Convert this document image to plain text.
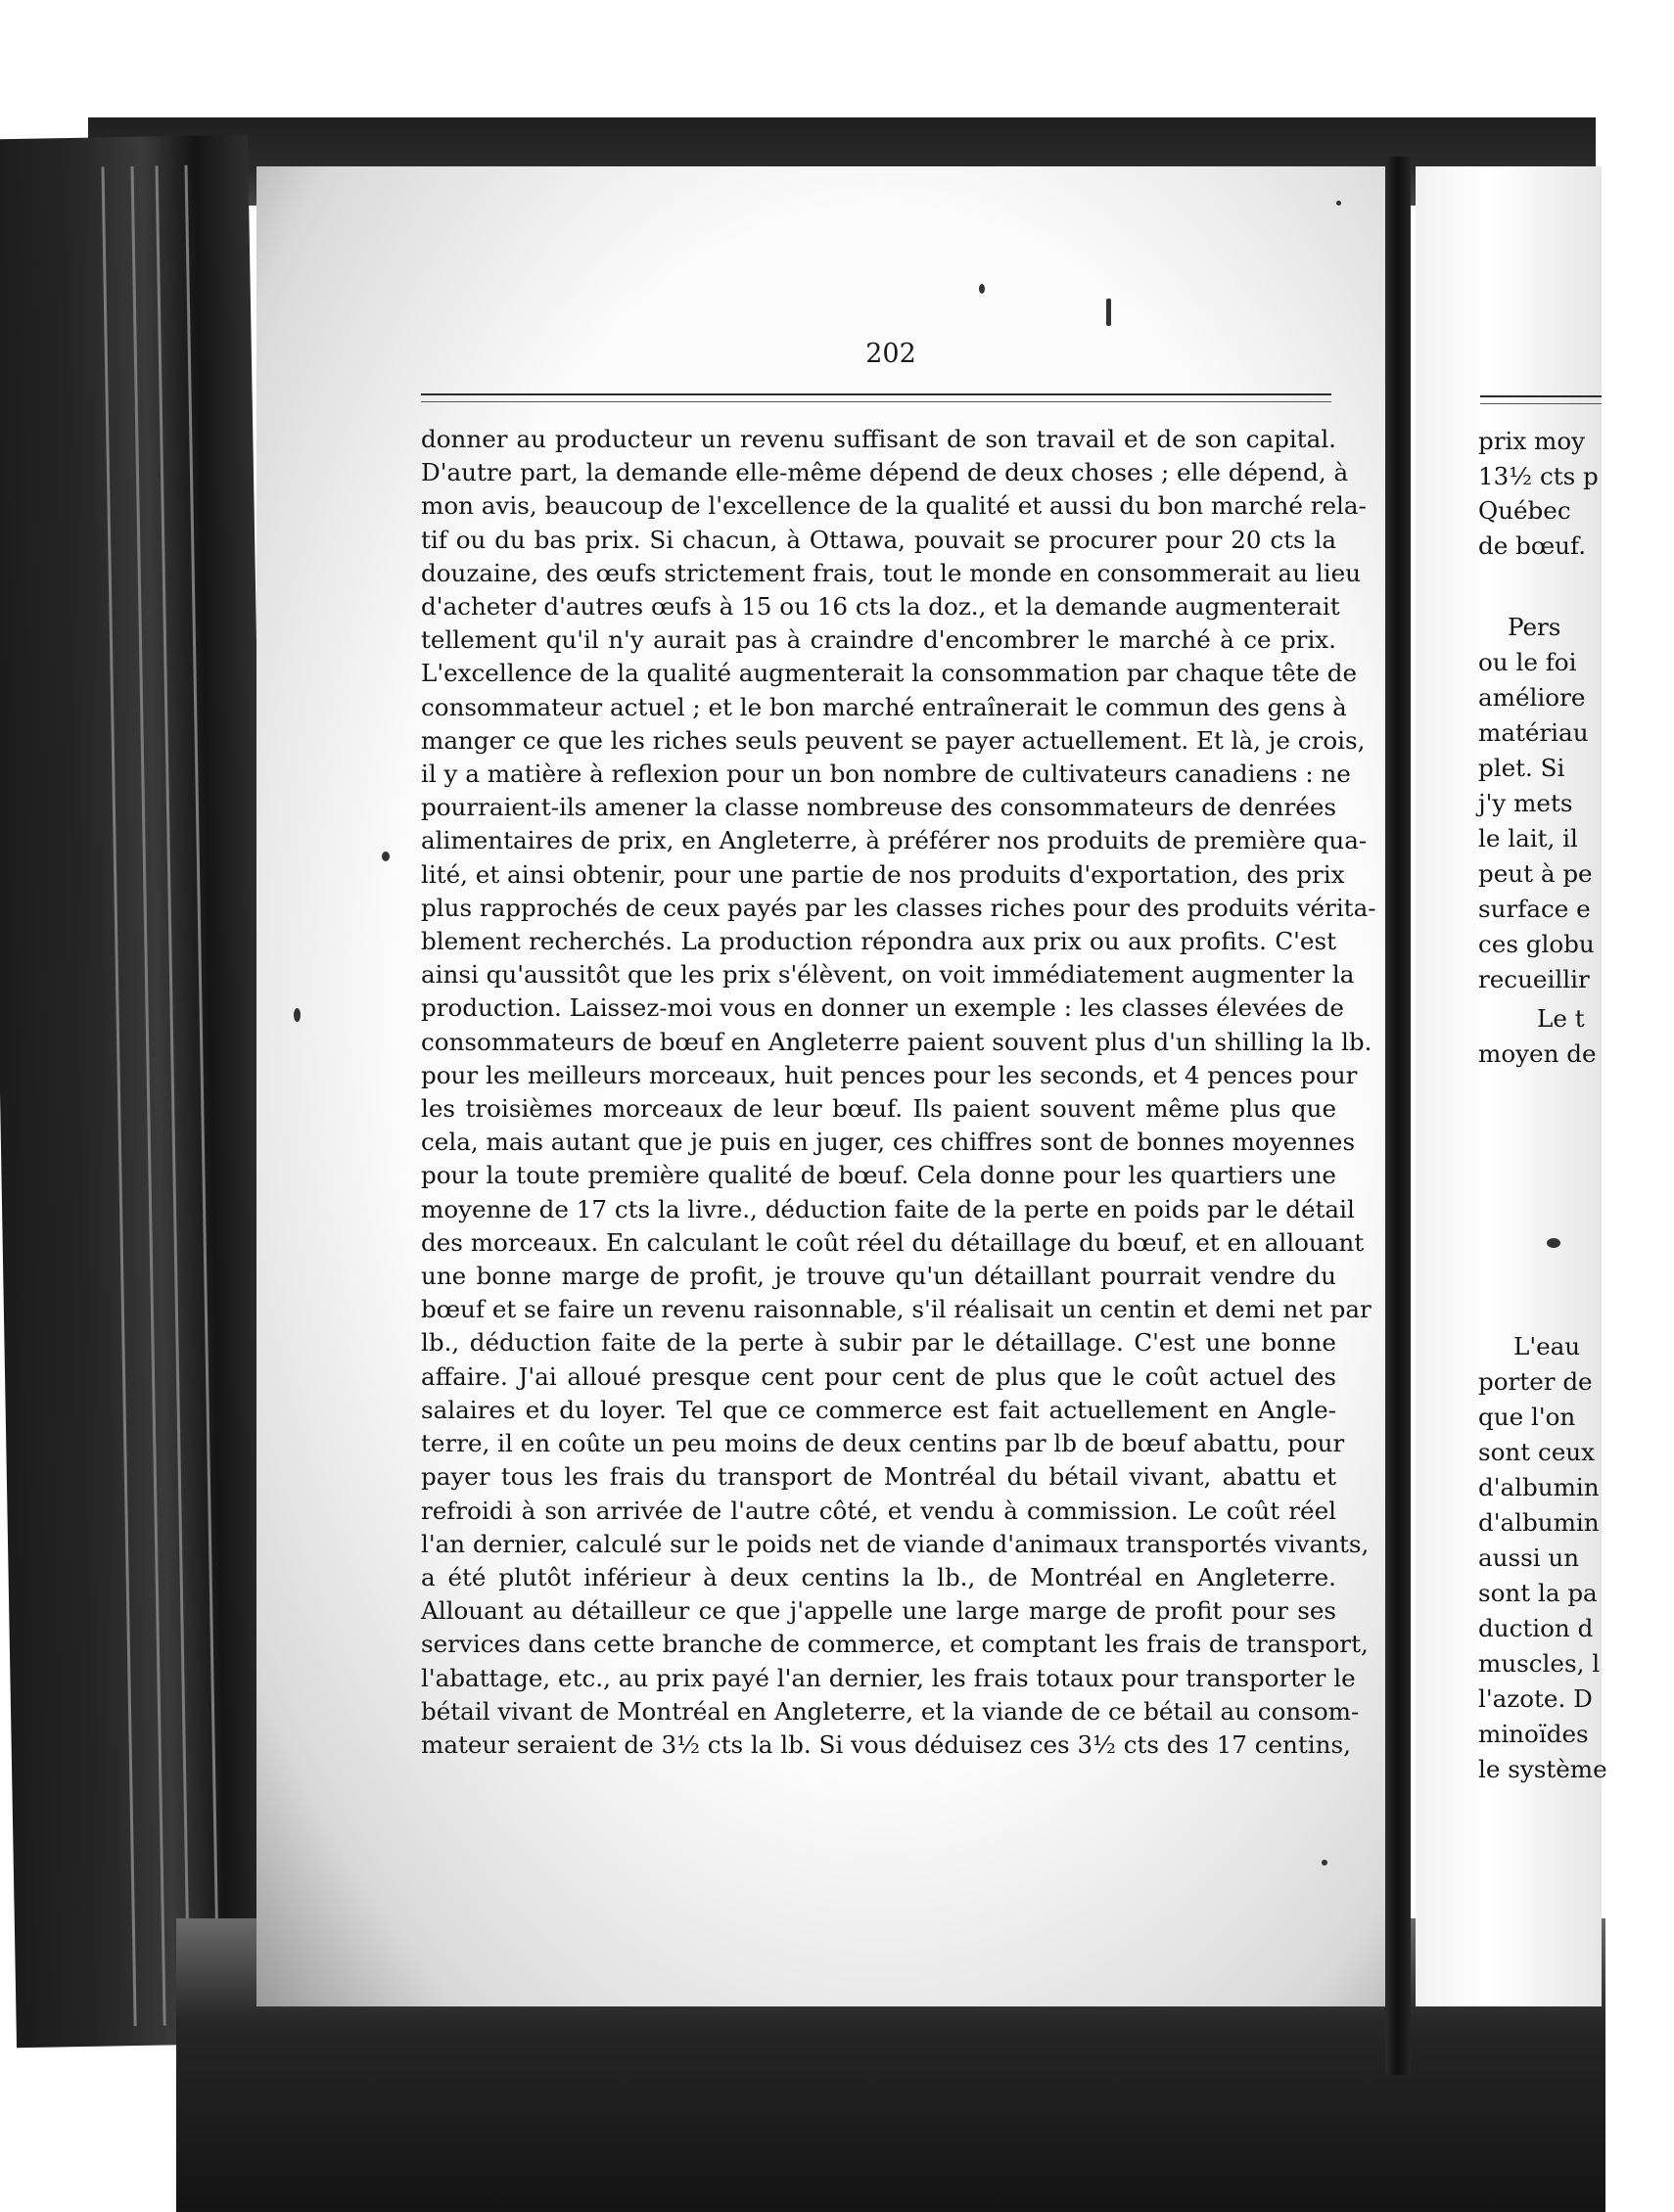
202
donner au producteur un revenu suffisant de son travail et de son capital.
D'autre part, la demande elle-même dépend de deux choses ; elle dépend, à
mon avis, beaucoup de l'excellence de la qualité et aussi du bon marché rela-
tif ou du bas prix. Si chacun, à Ottawa, pouvait se procurer pour 20 cts la
douzaine, des œufs strictement frais, tout le monde en consommerait au lieu
d'acheter d'autres œufs à 15 ou 16 cts la doz., et la demande augmenterait
tellement qu'il n'y aurait pas à craindre d'encombrer le marché à ce prix.
L'excellence de la qualité augmenterait la consommation par chaque tête de
consommateur actuel ; et le bon marché entraînerait le commun des gens à
manger ce que les riches seuls peuvent se payer actuellement. Et là, je crois,
il y a matière à reflexion pour un bon nombre de cultivateurs canadiens : ne
pourraient-ils amener la classe nombreuse des consommateurs de denrées
alimentaires de prix, en Angleterre, à préférer nos produits de première qua-
lité, et ainsi obtenir, pour une partie de nos produits d'exportation, des prix
plus rapprochés de ceux payés par les classes riches pour des produits vérita-
blement recherchés. La production répondra aux prix ou aux profits. C'est
ainsi qu'aussitôt que les prix s'élèvent, on voit immédiatement augmenter la
production. Laissez-moi vous en donner un exemple : les classes élevées de
consommateurs de bœuf en Angleterre paient souvent plus d'un shilling la lb.
pour les meilleurs morceaux, huit pences pour les seconds, et 4 pences pour
les troisièmes morceaux de leur bœuf. Ils paient souvent même plus que
cela, mais autant que je puis en juger, ces chiffres sont de bonnes moyennes
pour la toute première qualité de bœuf. Cela donne pour les quartiers une
moyenne de 17 cts la livre., déduction faite de la perte en poids par le détail
des morceaux. En calculant le coût réel du détaillage du bœuf, et en allouant
une bonne marge de profit, je trouve qu'un détaillant pourrait vendre du
bœuf et se faire un revenu raisonnable, s'il réalisait un centin et demi net par
lb., déduction faite de la perte à subir par le détaillage. C'est une bonne
affaire. J'ai alloué presque cent pour cent de plus que le coût actuel des
salaires et du loyer. Tel que ce commerce est fait actuellement en Angle-
terre, il en coûte un peu moins de deux centins par lb de bœuf abattu, pour
payer tous les frais du transport de Montréal du bétail vivant, abattu et
refroidi à son arrivée de l'autre côté, et vendu à commission. Le coût réel
l'an dernier, calculé sur le poids net de viande d'animaux transportés vivants,
a été plutôt inférieur à deux centins la lb., de Montréal en Angleterre.
Allouant au détailleur ce que j'appelle une large marge de profit pour ses
services dans cette branche de commerce, et comptant les frais de transport,
l'abattage, etc., au prix payé l'an dernier, les frais totaux pour transporter le
bétail vivant de Montréal en Angleterre, et la viande de ce bétail au consom-
mateur seraient de 3½ cts la lb. Si vous déduisez ces 3½ cts des 17 centins,
prix moy
13½ cts p
Québec
de bœuf.
Pers
ou le foi
améliore
matériau
plet. Si
j'y mets
le lait, il
peut à pe
surface e
ces globu
recueillir
Le t
moyen de
L'eau
porter de
que l'on
sont ceux
d'albumin
d'albumin
aussi un
sont la pa
duction d
muscles, l
l'azote. D
minoïdes
le système
